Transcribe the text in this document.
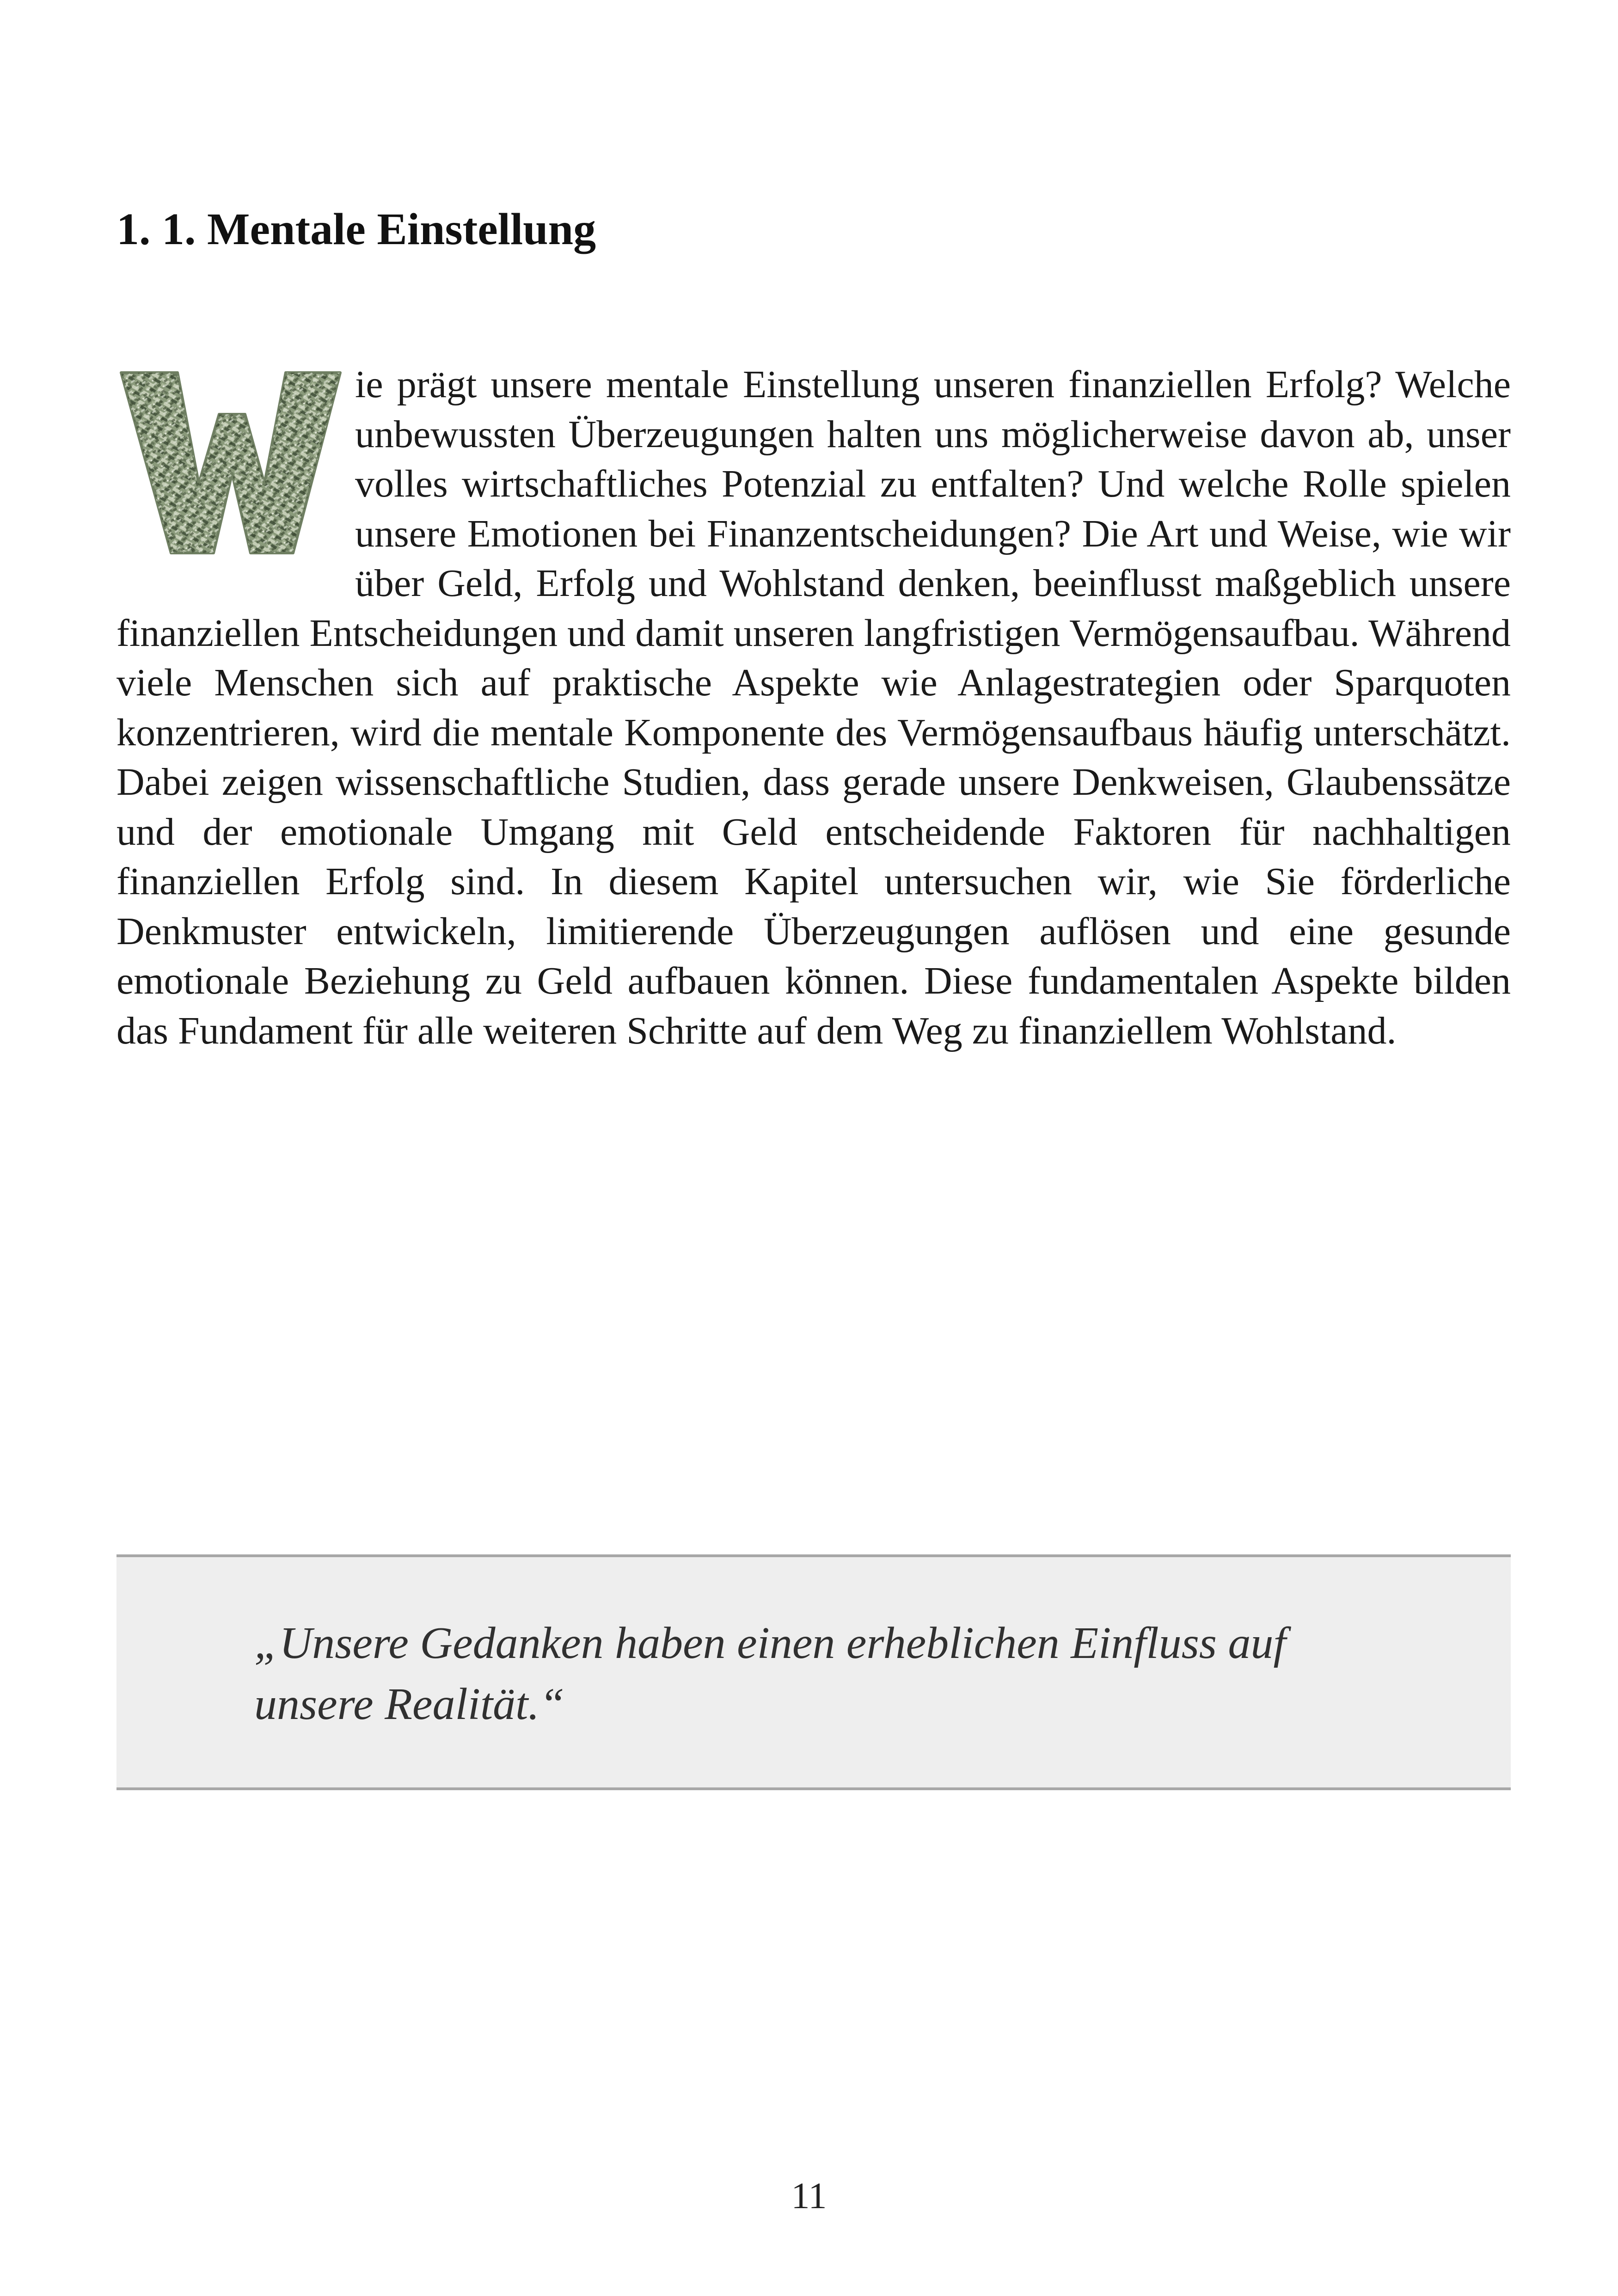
1. 1. Mentale Einstellung
ie prägt unsere mentale Einstellung unseren finanziellen Erfolg? Welche unbewussten Überzeugungen halten uns möglicherweise davon ab, unser volles wirtschaftliches Potenzial zu entfalten? Und welche Rolle spielen unsere Emotionen bei Finanzentscheidungen? Die Art und Weise, wie wir über Geld, Erfolg und Wohlstand denken, beeinflusst maßgeblich unsere finanziellen Entscheidungen und damit unseren langfristigen Vermögensaufbau. Während viele Menschen sich auf praktische Aspekte wie Anlagestrategien oder Sparquoten konzentrieren, wird die mentale Komponente des Vermögensaufbaus häufig unterschätzt. Dabei zeigen wissenschaftliche Studien, dass gerade unsere Denkweisen, Glaubenssätze und der emotionale Umgang mit Geld entscheidende Faktoren für nachhaltigen finanziellen Erfolg sind. In diesem Kapitel untersuchen wir, wie Sie förderliche Denkmuster entwickeln, limitierende Überzeugungen auflösen und eine gesunde emotionale Beziehung zu Geld aufbauen können. Diese fundamentalen Aspekte bilden das Fundament für alle weiteren Schritte auf dem Weg zu finanziellem Wohlstand.

„Unsere Gedanken haben einen erheblichen Einfluss auf unsere Realität.“

11
